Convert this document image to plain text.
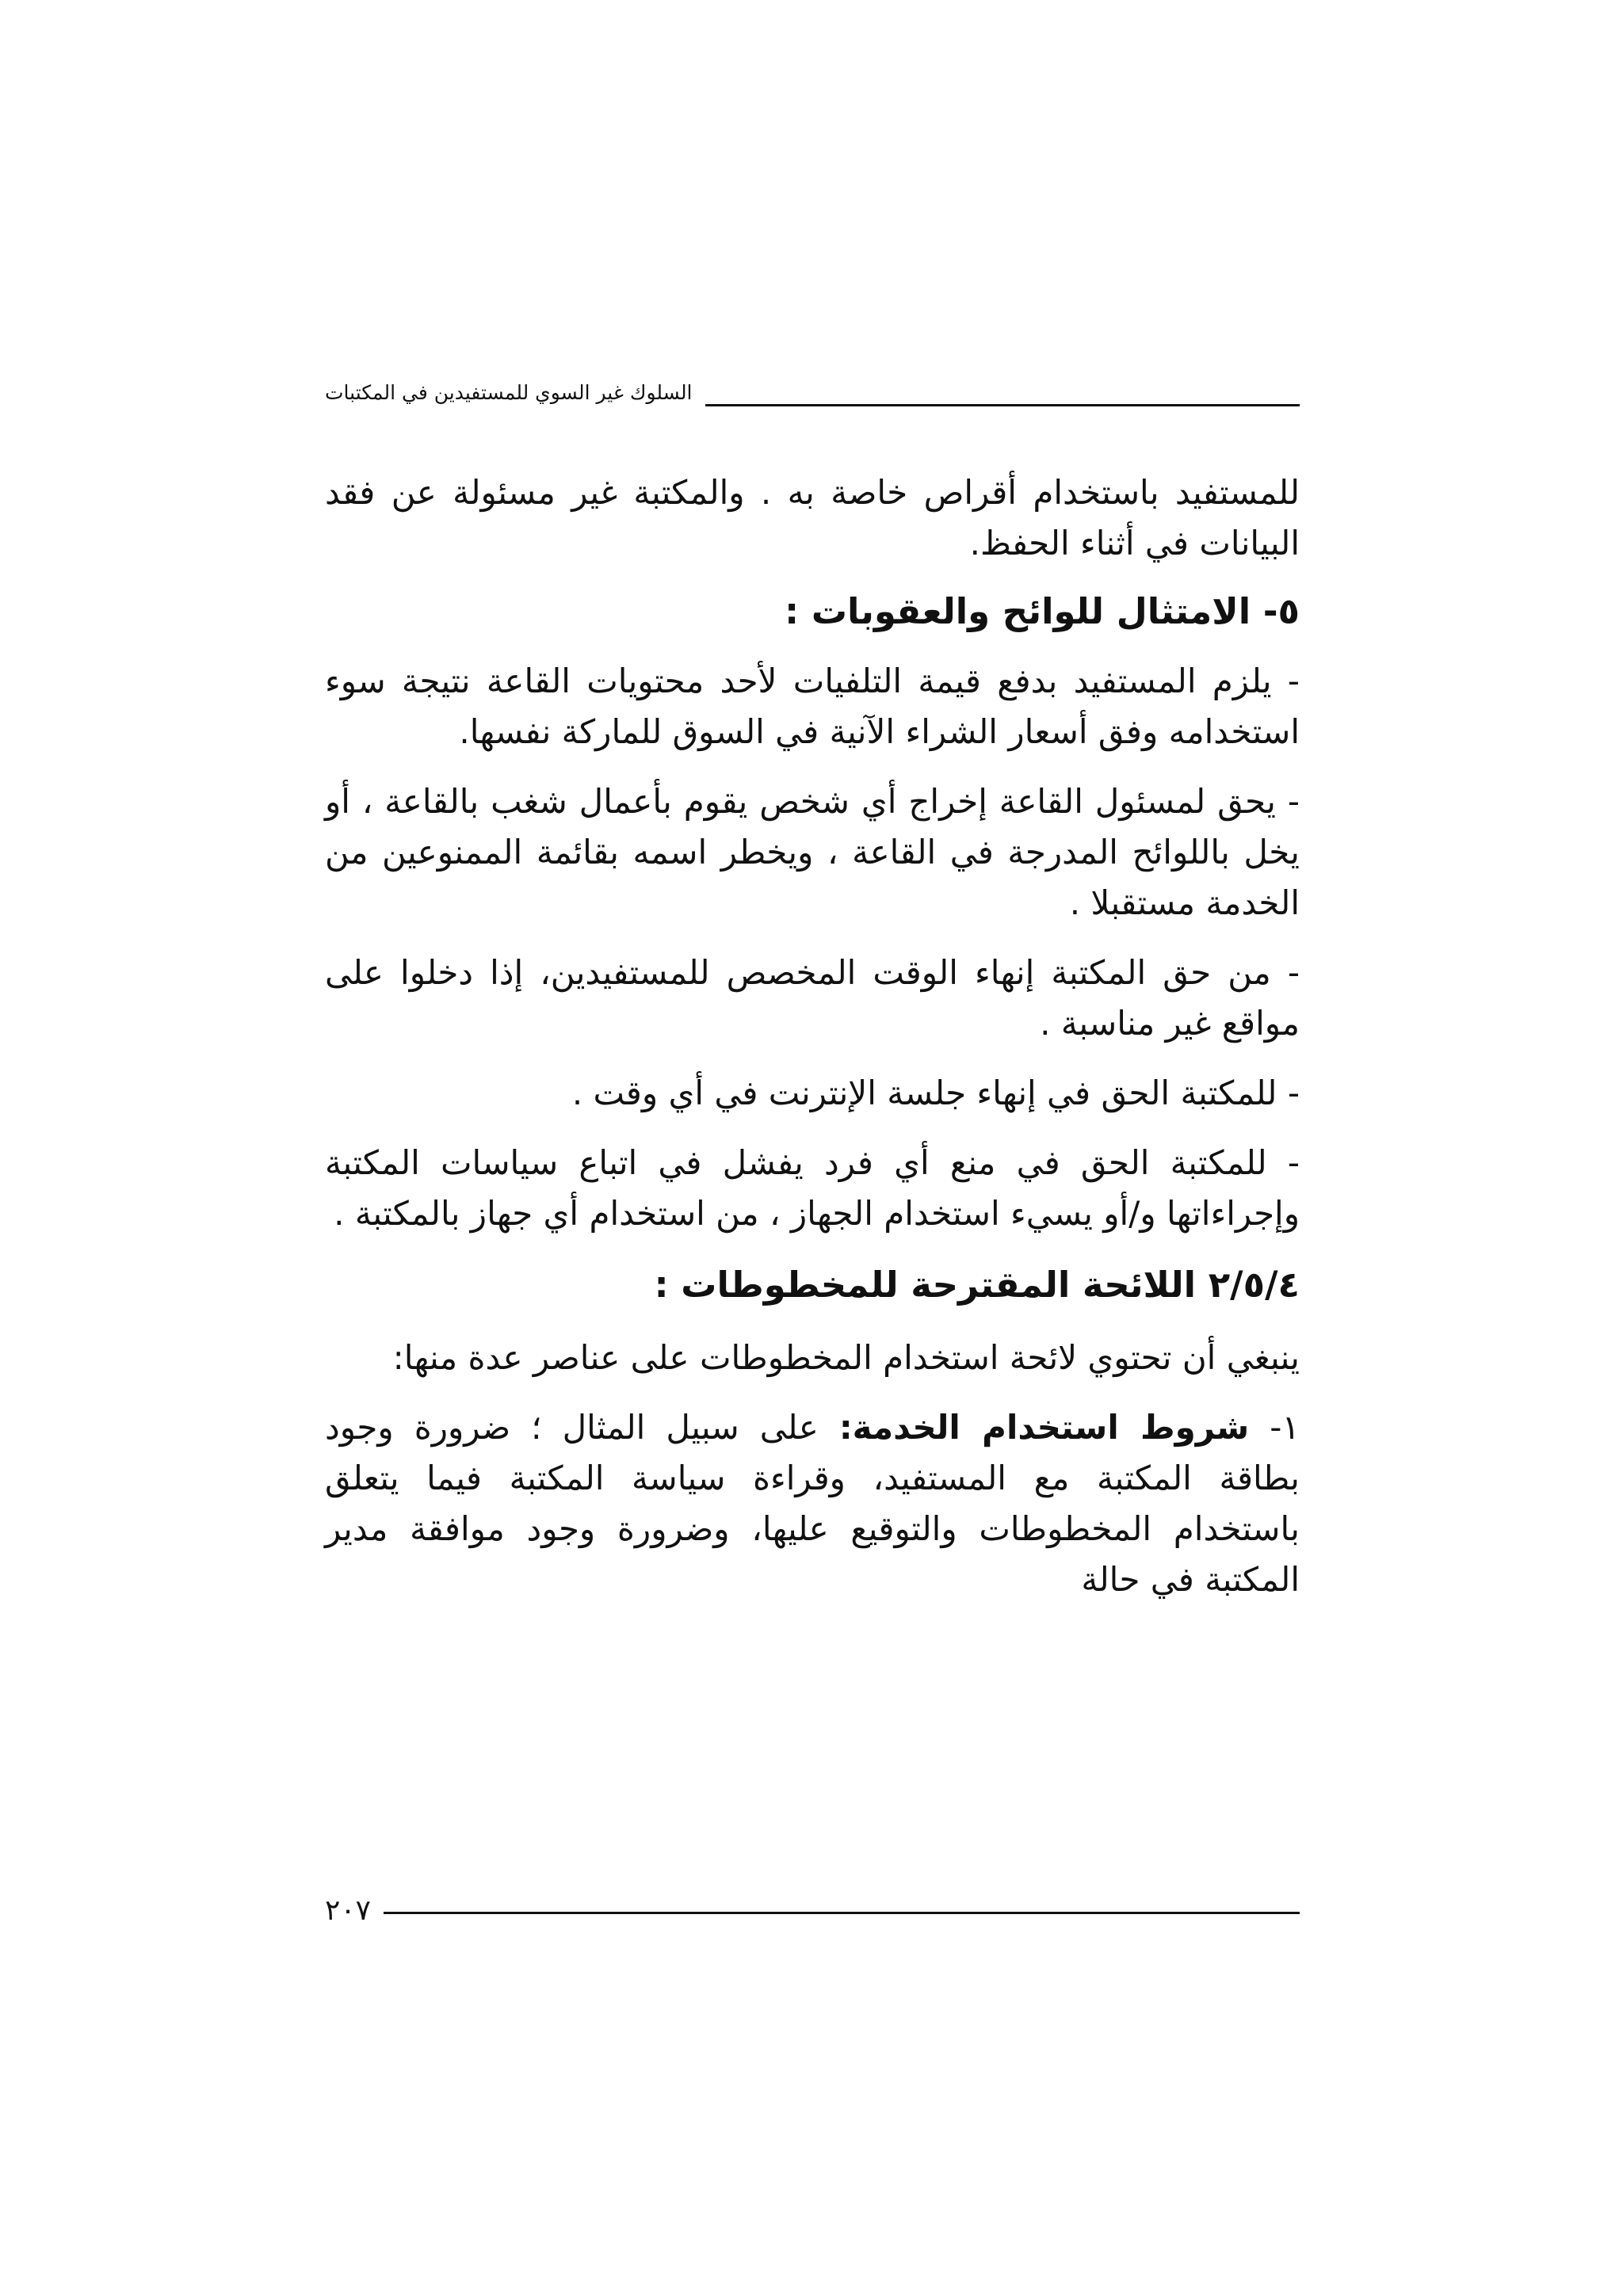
السلوك غير السوي للمستفيدين في المكتبات

للمستفيد باستخدام أقراص خاصة به . والمكتبة غير مسئولة عن فقد البيانات في أثناء الحفظ.

٥- الامتثال للوائح والعقوبات :

- يلزم المستفيد بدفع قيمة التلفيات لأحد محتويات القاعة نتيجة سوء استخدامه وفق أسعار الشراء الآنية في السوق للماركة نفسها.

- يحق لمسئول القاعة إخراج أي شخص يقوم بأعمال شغب بالقاعة ، أو يخل باللوائح المدرجة في القاعة ، ويخطر اسمه بقائمة الممنوعين من الخدمة مستقبلا .

- من حق المكتبة إنهاء الوقت المخصص للمستفيدين، إذا دخلوا على مواقع غير مناسبة .

- للمكتبة الحق في إنهاء جلسة الإنترنت في أي وقت .

- للمكتبة الحق في منع أي فرد يفشل في اتباع سياسات المكتبة وإجراءاتها و/أو يسيء استخدام الجهاز ، من استخدام أي جهاز بالمكتبة .

٢/٥/٤ اللائحة المقترحة للمخطوطات :

ينبغي أن تحتوي لائحة استخدام المخطوطات على عناصر عدة منها:

١- شروط استخدام الخدمة: على سبيل المثال ؛ ضرورة وجود بطاقة المكتبة مع المستفيد، وقراءة سياسة المكتبة فيما يتعلق باستخدام المخطوطات والتوقيع عليها، وضرورة وجود موافقة مدير المكتبة في حالة

٢٠٧
